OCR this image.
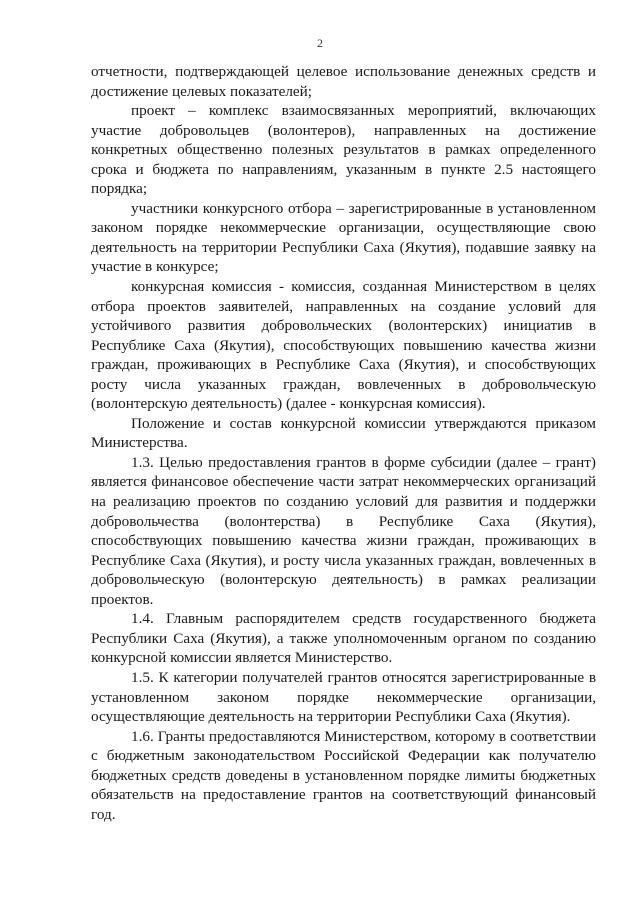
2

отчетности, подтверждающей целевое использование денежных средств и достижение целевых показателей;

проект – комплекс взаимосвязанных мероприятий, включающих участие добровольцев (волонтеров), направленных на достижение конкретных общественно полезных результатов в рамках определенного срока и бюджета по направлениям, указанным в пункте 2.5 настоящего порядка;

участники конкурсного отбора – зарегистрированные в установленном законом порядке некоммерческие организации, осуществляющие свою деятельность на территории Республики Саха (Якутия), подавшие заявку на участие в конкурсе;

конкурсная комиссия - комиссия, созданная Министерством в целях отбора проектов заявителей, направленных на создание условий для устойчивого развития добровольческих (волонтерских) инициатив в Республике Саха (Якутия), способствующих повышению качества жизни граждан, проживающих в Республике Саха (Якутия), и способствующих росту числа указанных граждан, вовлеченных в добровольческую (волонтерскую деятельность) (далее - конкурсная комиссия).

Положение и состав конкурсной комиссии утверждаются приказом Министерства.

1.3. Целью предоставления грантов в форме субсидии (далее – грант) является финансовое обеспечение части затрат некоммерческих организаций на реализацию проектов по созданию условий для развития и поддержки добровольчества (волонтерства) в Республике Саха (Якутия), способствующих повышению качества жизни граждан, проживающих в Республике Саха (Якутия), и росту числа указанных граждан, вовлеченных в добровольческую (волонтерскую деятельность) в рамках реализации проектов.

1.4. Главным распорядителем средств государственного бюджета Республики Саха (Якутия), а также уполномоченным органом по созданию конкурсной комиссии является Министерство.

1.5. К категории получателей грантов относятся зарегистрированные в установленном законом порядке некоммерческие организации, осуществляющие деятельность на территории Республики Саха (Якутия).

1.6. Гранты предоставляются Министерством, которому в соответствии с бюджетным законодательством Российской Федерации как получателю бюджетных средств доведены в установленном порядке лимиты бюджетных обязательств на предоставление грантов на соответствующий финансовый год.
